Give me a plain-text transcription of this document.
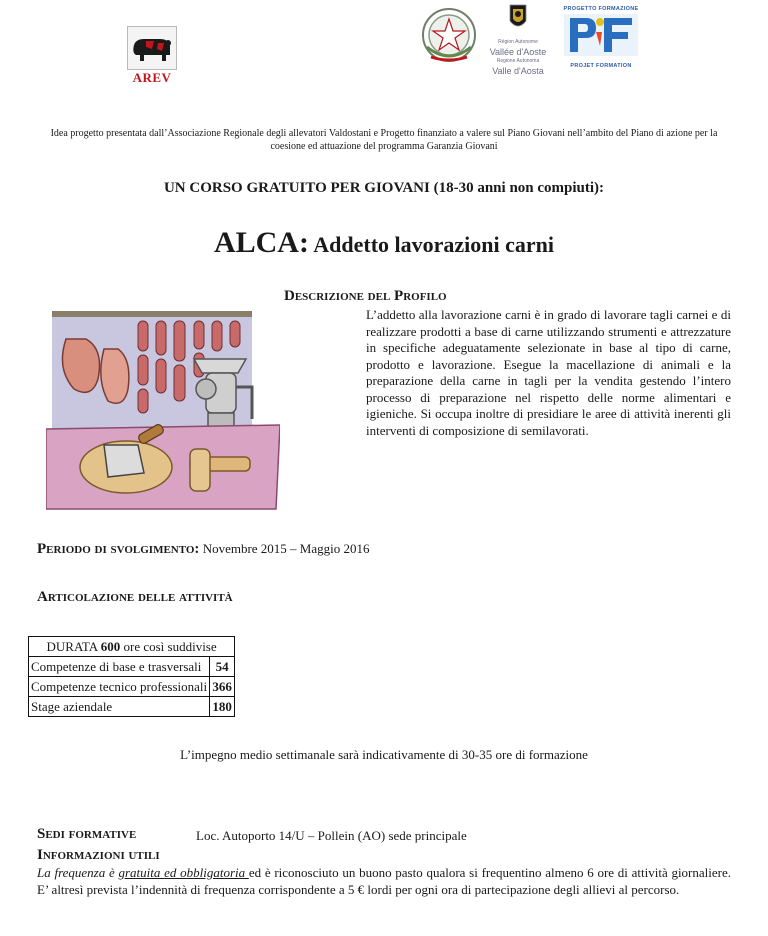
AREV
Région Autonome
Vallée d'Aoste
Regione Autonoma
Valle d'Aosta
PROGETTO FORMAZIONE
PROJET FORMATION
Idea progetto presentata dall’Associazione Regionale degli allevatori Valdostani e Progetto finanziato a valere sul Piano Giovani nell’ambito del Piano di azione per la coesione ed attuazione del programma Garanzia Giovani
UN CORSO GRATUITO PER GIOVANI (18-30 anni non compiuti):
ALCA: Addetto lavorazioni carni
Descrizione del Profilo
L’addetto alla lavorazione carni è in grado di lavorare tagli carnei e di realizzare prodotti a base di carne utilizzando strumenti e attrezzature in specifiche adeguatamente selezionate in base al tipo di carne, prodotto e lavorazione. Esegue la macellazione di animali e la preparazione della carne in tagli per la vendita gestendo l’intero processo di preparazione nel rispetto delle norme alimentari e igieniche. Si occupa inoltre di presidiare le aree di attività inerenti gli interventi di composizione di semilavorati.
Periodo di svolgimento: Novembre 2015 – Maggio 2016
Articolazione delle attività
DURATA 600 ore così suddivise	
Competenze di base e trasversali	54
Competenze tecnico professionali	366
Stage aziendale	180
L’impegno medio settimanale sarà indicativamente di 30-35 ore di formazione
Sedi formative	Loc. Autoporto 14/U – Pollein (AO) sede principale
Informazioni utili
La frequenza è gratuita ed obbligatoria ed è riconosciuto un buono pasto qualora si frequentino almeno 6 ore di attività giornaliere. E’ altresì prevista l’indennità di frequenza corrispondente a 5 € lordi per ogni ora di partecipazione degli allievi al percorso.
